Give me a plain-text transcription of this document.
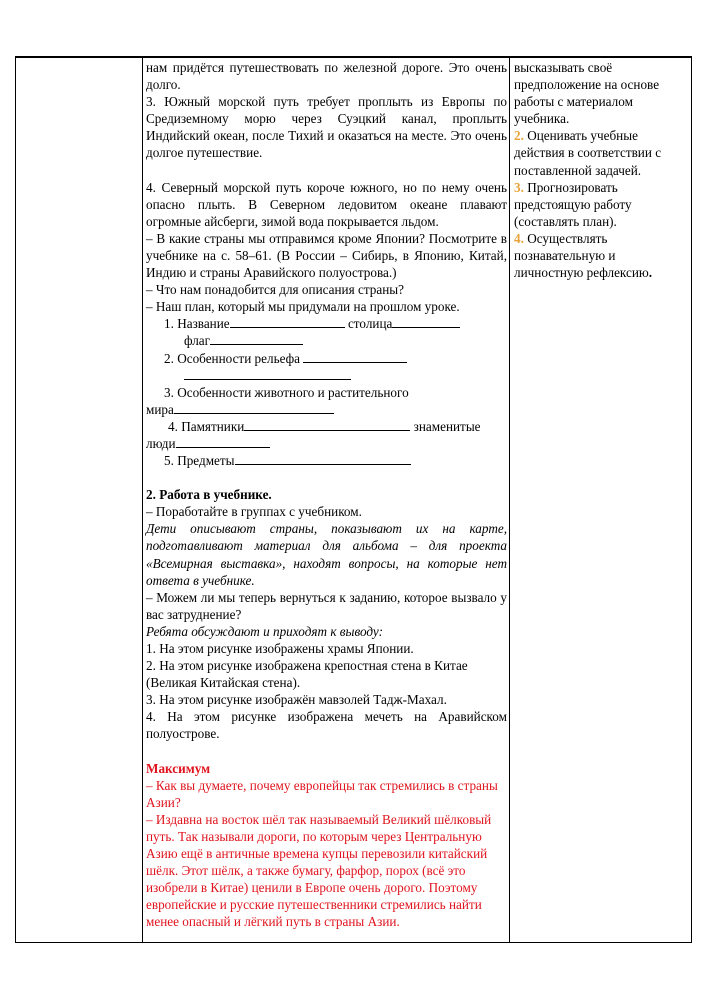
нам придётся путешествовать по железной дороге. Это очень долго.

3. Южный морской путь требует проплыть из Европы по Средиземному морю через Суэцкий канал, проплыть Индийский океан, после Тихий и оказаться на месте. Это очень долгое путешествие.

4. Северный морской путь короче южного, но по нему очень опасно плыть. В Северном ледовитом океане плавают огромные айсберги, зимой вода покрывается льдом.

– В какие страны мы отправимся кроме Японии? Посмотрите в учебнике на с. 58–61. (В России – Сибирь, в Японию, Китай, Индию и страны Аравийского полуострова.)

– Что нам понадобится для описания страны?

– Наш план, который мы придумали на прошлом уроке.

1. Название	столица

флаг

2. Особенности рельефа

3. Особенности животного и растительного

мира

4. Памятники	знаменитые

люди

5. Предметы

2. Работа в учебнике.

– Поработайте в группах с учебником.

Дети описывают страны, показывают их на карте, подготавливают материал для альбома – для проекта «Всемирная выставка», находят вопросы, на которые нет ответа в учебнике.

– Можем ли мы теперь вернуться к заданию, которое вызвало у вас затруднение?

Ребята обсуждают и приходят к выводу:

1. На этом рисунке изображены храмы Японии.

2. На этом рисунке изображена крепостная стена в Китае (Великая Китайская стена).

3. На этом рисунке изображён мавзолей Тадж-Махал.

4. На этом рисунке изображена мечеть на Аравийском полуострове.

Максимум

– Как вы думаете, почему европейцы так стремились в страны Азии?

– Издавна на восток шёл так называемый Великий шёлковый путь. Так называли дороги, по которым через Центральную Азию ещё в античные времена купцы перевозили китайский шёлк. Этот шёлк, а также бумагу, фарфор, порох (всё это изобрели в Китае) ценили в Европе очень дорого. Поэтому европейские и русские путешественники стремились найти менее опасный и лёгкий путь в страны Азии.

высказывать своё предположение на основе работы с материалом учебника.

2. Оценивать учебные действия в соответствии с поставленной задачей.

3. Прогнозировать предстоящую работу (составлять план).

4. Осуществлять познавательную и личностную рефлексию.
